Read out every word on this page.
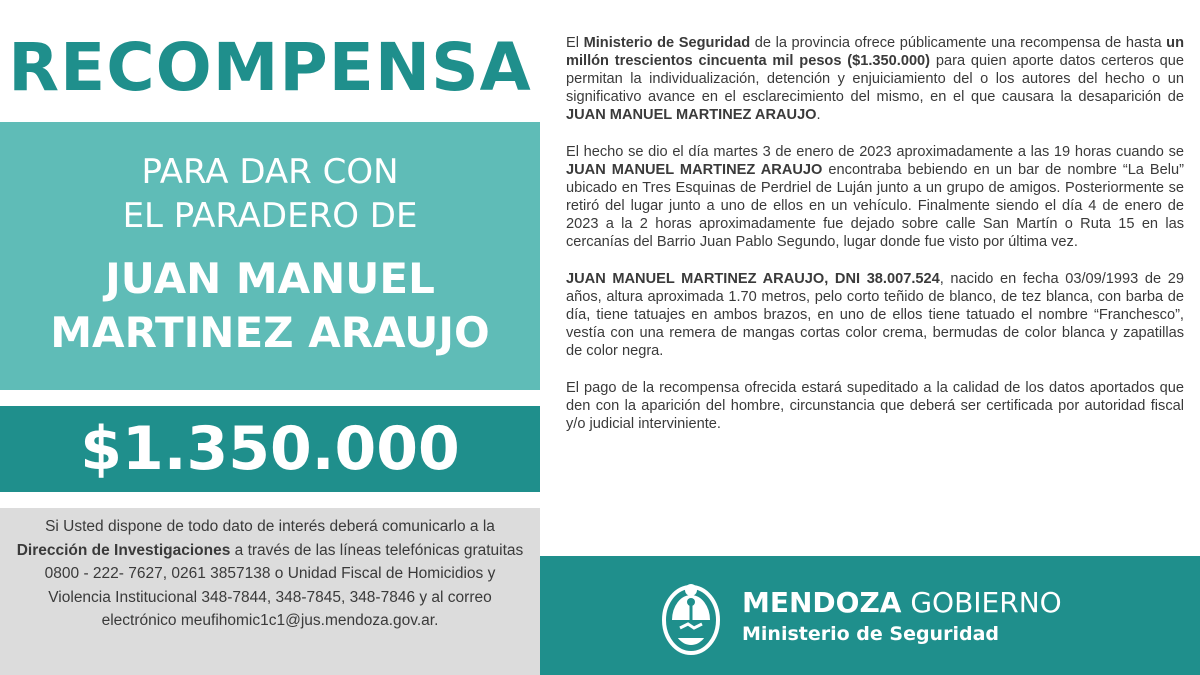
RECOMPENSA
PARA DAR CON
EL PARADERO DE
JUAN MANUEL
MARTINEZ ARAUJO
$1.350.000
Si Usted dispone de todo dato de interés deberá comunicarlo a la Dirección de Investigaciones a través de las líneas telefónicas gratuitas 0800 - 222- 7627, 0261 3857138 o Unidad Fiscal de Homicidios y Violencia Institucional 348-7844, 348-7845, 348-7846 y al correo electrónico meufihomic1c1@jus.mendoza.gov.ar.

El Ministerio de Seguridad de la provincia ofrece públicamente una recompensa de hasta un millón trescientos cincuenta mil pesos ($1.350.000) para quien aporte datos certeros que permitan la individualización, detención y enjuiciamiento del o los autores del hecho o un significativo avance en el esclarecimiento del mismo, en el que causara la desaparición de JUAN MANUEL MARTINEZ ARAUJO.

El hecho se dio el día martes 3 de enero de 2023 aproximadamente a las 19 horas cuando se JUAN MANUEL MARTINEZ ARAUJO encontraba bebiendo en un bar de nombre “La Belu” ubicado en Tres Esquinas de Perdriel de Luján junto a un grupo de amigos. Posteriormente se retiró del lugar junto a uno de ellos en un vehículo. Finalmente siendo el día 4 de enero de 2023 a la 2 horas aproximadamente fue dejado sobre calle San Martín o Ruta 15 en las cercanías del Barrio Juan Pablo Segundo, lugar donde fue visto por última vez.

JUAN MANUEL MARTINEZ ARAUJO, DNI 38.007.524, nacido en fecha 03/09/1993 de 29 años, altura aproximada 1.70 metros, pelo corto teñido de blanco, de tez blanca, con barba de día, tiene tatuajes en ambos brazos, en uno de ellos tiene tatuado el nombre “Franchesco”, vestía con una remera de mangas cortas color crema, bermudas de color blanca y zapatillas de color negra.

El pago de la recompensa ofrecida estará supeditado a la calidad de los datos aportados que den con la aparición del hombre, circunstancia que deberá ser certificada por autoridad fiscal y/o judicial interviniente.

MENDOZA GOBIERNO
Ministerio de Seguridad
